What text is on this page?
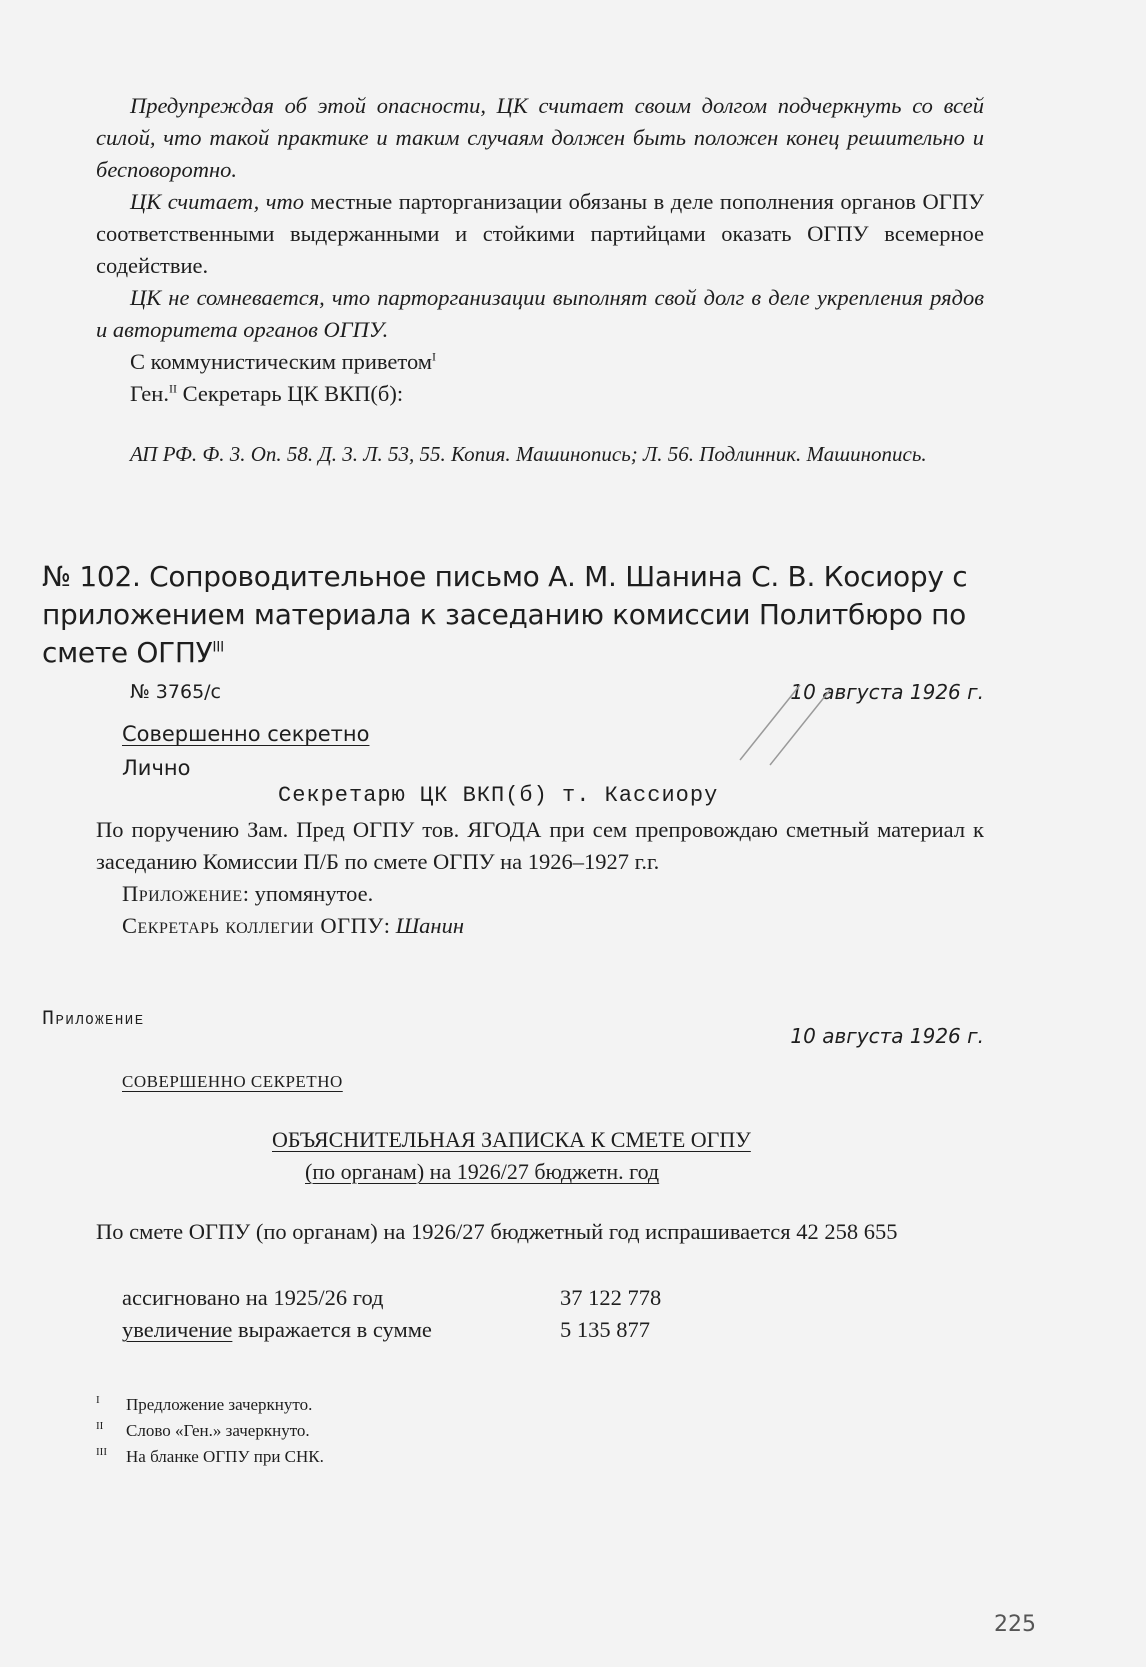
Предупреждая об этой опасности, ЦК считает своим долгом подчеркнуть со всей силой, что такой практике и таким случаям должен быть положен конец решительно и бесповоротно.
ЦК считает, что местные парторганизации обязаны в деле пополнения органов ОГПУ соответственными выдержанными и стойкими партийцами оказать ОГПУ всемерное содействие.
ЦК не сомневается, что парторганизации выполнят свой долг в деле укрепления рядов и авторитета органов ОГПУ.
С коммунистическим приветом$^I$
Ген.$^{II}$ Секретарь ЦК ВКП(б):
АП РФ. Ф. 3. Оп. 58. Д. 3. Л. 53, 55. Копия. Машинопись; Л. 56. Подлинник. Машинопись.
№ 102. Сопроводительное письмо А. М. Шанина С. В. Косиору с приложением материала к заседанию комиссии Политбюро по смете $ОГПУ^{III}$
№ 3765/с	10 августа 1926 г.
Совершенно секретно
Лично
Секретарю ЦК ВКП(б) т. Кассиору
По поручению Зам. Пред ОГПУ тов. ЯГОДА при сем препровождаю сметный материал к заседанию Комиссии П/Б по смете ОГПУ на 1926–1927 г.г.
Приложение: упомянутое.
Секретарь коллегии ОГПУ: Шанин
Приложение
10 августа 1926 г.
СОВЕРШЕННО СЕКРЕТНО
ОБЪЯСНИТЕЛЬНАЯ ЗАПИСКА К СМЕТЕ ОГПУ
(по органам) на 1926/27 бюджетн. год
По смете ОГПУ (по органам) на 1926/27 бюджетный год испрашивается 42 258 655
ассигновано на 1925/26 год	37 122 778
увеличение выражается в сумме	5 135 877
I Предложение зачеркнуто.
II Слово «Ген.» зачеркнуто.
III На бланке ОГПУ при СНК.
225
